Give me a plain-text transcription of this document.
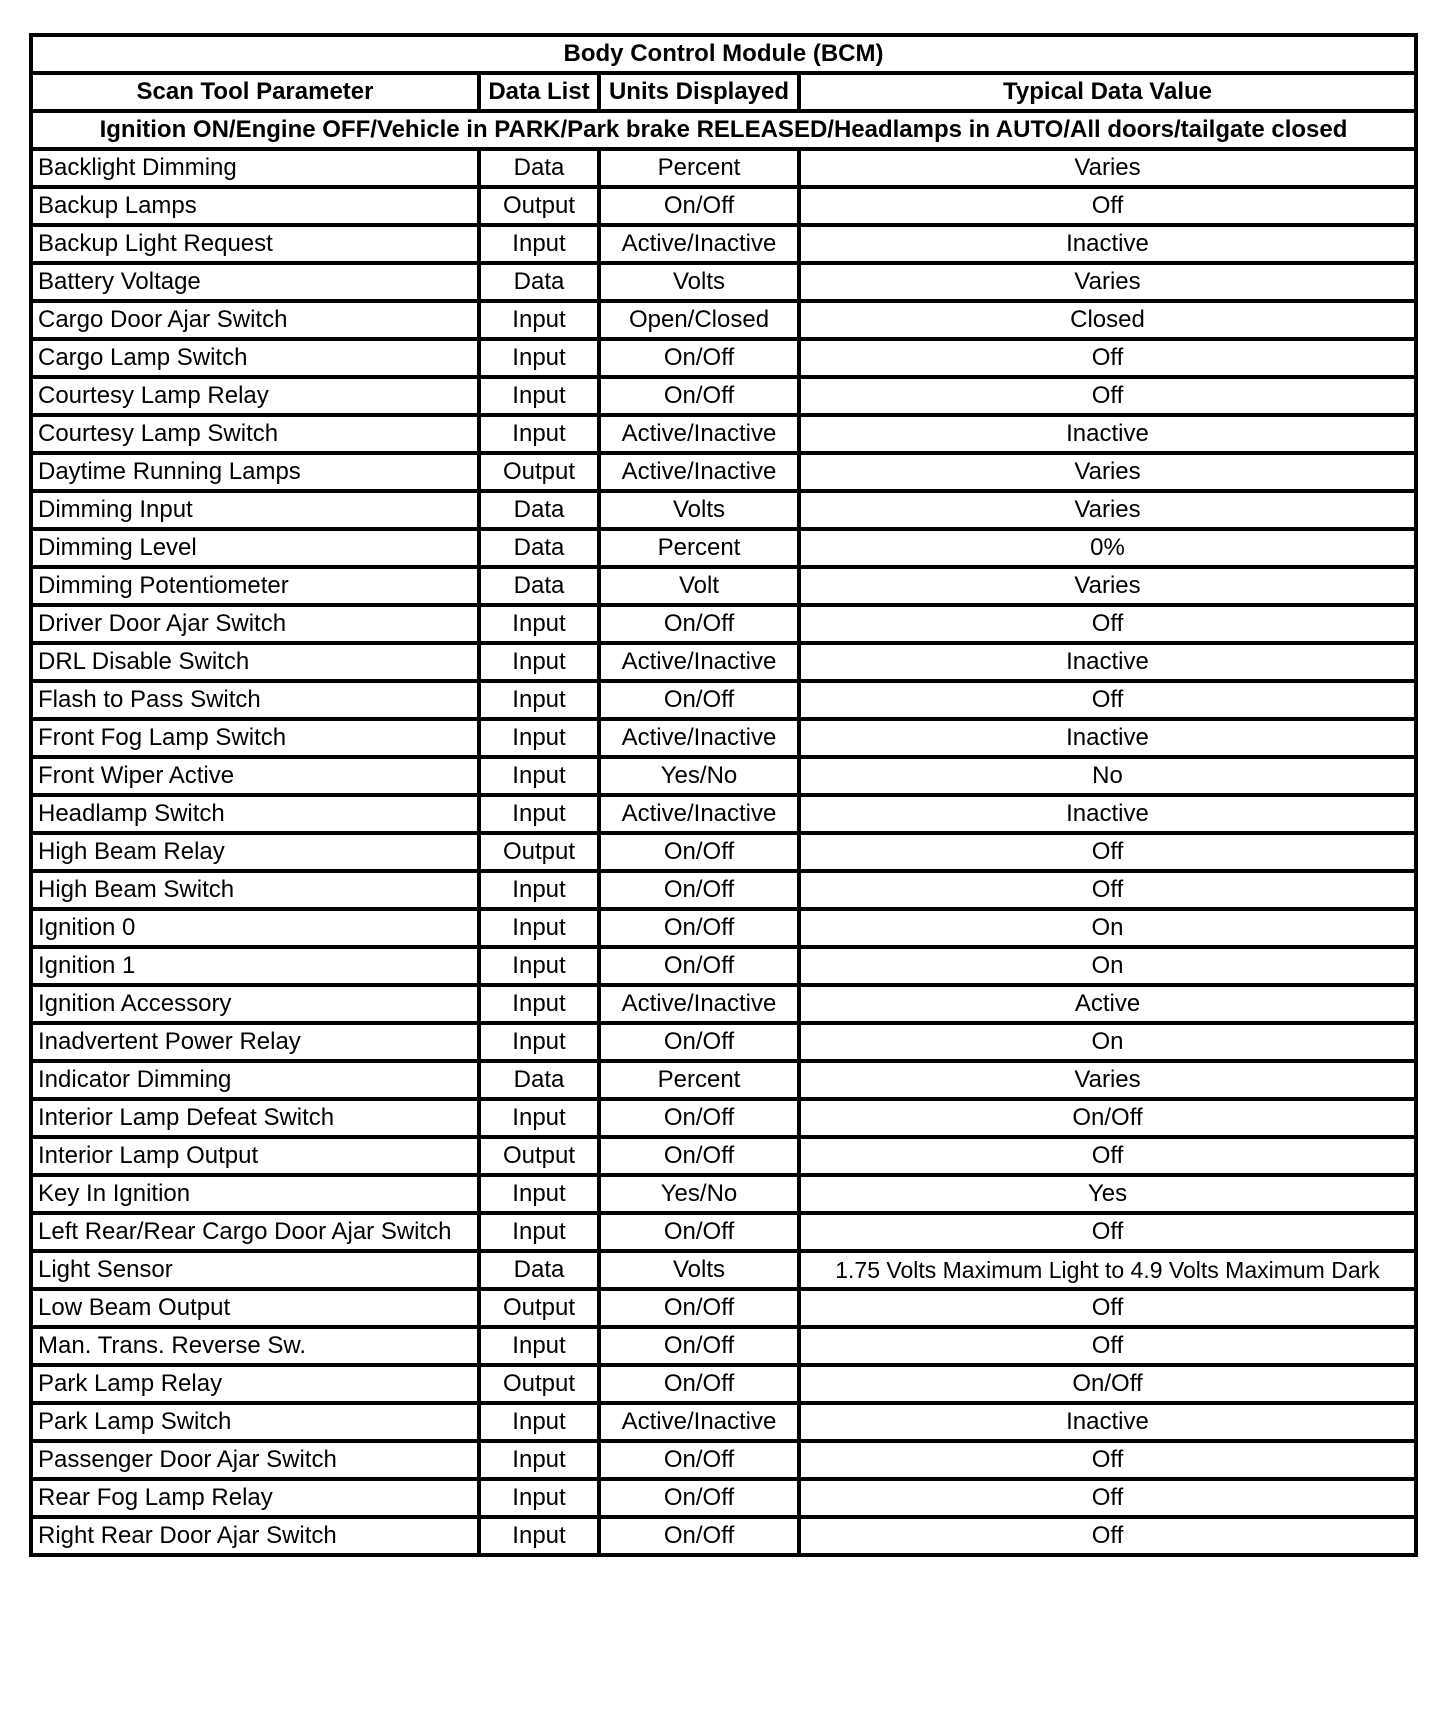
Body Control Module (BCM)			
Scan Tool Parameter	Data List	Units Displayed	Typical Data Value
Ignition ON/Engine OFF/Vehicle in PARK/Park brake RELEASED/Headlamps in AUTO/All doors/tailgate closed			
Backlight Dimming	Data	Percent	Varies
Backup Lamps	Output	On/Off	Off
Backup Light Request	Input	Active/Inactive	Inactive
Battery Voltage	Data	Volts	Varies
Cargo Door Ajar Switch	Input	Open/Closed	Closed
Cargo Lamp Switch	Input	On/Off	Off
Courtesy Lamp Relay	Input	On/Off	Off
Courtesy Lamp Switch	Input	Active/Inactive	Inactive
Daytime Running Lamps	Output	Active/Inactive	Varies
Dimming Input	Data	Volts	Varies
Dimming Level	Data	Percent	0%
Dimming Potentiometer	Data	Volt	Varies
Driver Door Ajar Switch	Input	On/Off	Off
DRL Disable Switch	Input	Active/Inactive	Inactive
Flash to Pass Switch	Input	On/Off	Off
Front Fog Lamp Switch	Input	Active/Inactive	Inactive
Front Wiper Active	Input	Yes/No	No
Headlamp Switch	Input	Active/Inactive	Inactive
High Beam Relay	Output	On/Off	Off
High Beam Switch	Input	On/Off	Off
Ignition 0	Input	On/Off	On
Ignition 1	Input	On/Off	On
Ignition Accessory	Input	Active/Inactive	Active
Inadvertent Power Relay	Input	On/Off	On
Indicator Dimming	Data	Percent	Varies
Interior Lamp Defeat Switch	Input	On/Off	On/Off
Interior Lamp Output	Output	On/Off	Off
Key In Ignition	Input	Yes/No	Yes
Left Rear/Rear Cargo Door Ajar Switch	Input	On/Off	Off
Light Sensor	Data	Volts	1.75 Volts Maximum Light to 4.9 Volts Maximum Dark
Low Beam Output	Output	On/Off	Off
Man. Trans. Reverse Sw.	Input	On/Off	Off
Park Lamp Relay	Output	On/Off	On/Off
Park Lamp Switch	Input	Active/Inactive	Inactive
Passenger Door Ajar Switch	Input	On/Off	Off
Rear Fog Lamp Relay	Input	On/Off	Off
Right Rear Door Ajar Switch	Input	On/Off	Off
